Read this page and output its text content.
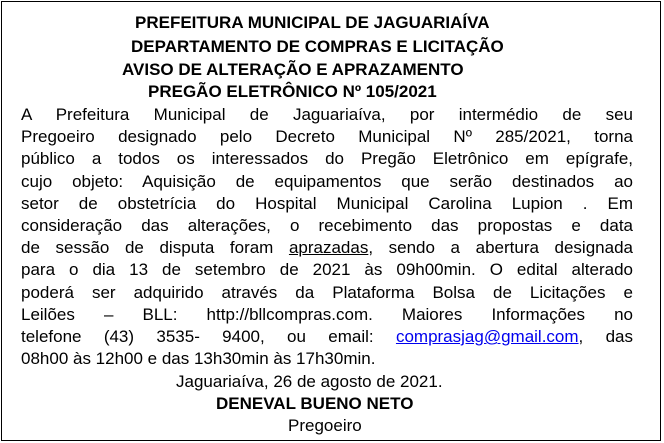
PREFEITURA MUNICIPAL DE JAGUARIAÍVA

DEPARTAMENTO DE COMPRAS E LICITAÇÃO

AVISO DE ALTERAÇÃO E APRAZAMENTO

PREGÃO ELETRÔNICO Nº 105/2021

A Prefeitura Municipal de Jaguariaíva, por intermédio de seu
Pregoeiro designado pelo Decreto Municipal Nº 285/2021, torna
público a todos os interessados do Pregão Eletrônico em epígrafe,
cujo objeto: Aquisição de equipamentos que serão destinados ao
setor de obstetrícia do Hospital Municipal Carolina Lupion . Em
consideração das alterações, o recebimento das propostas e data
de sessão de disputa foram aprazadas, sendo a abertura designada
para o dia 13 de setembro de 2021 às 09h00min. O edital alterado
poderá ser adquirido através da Plataforma Bolsa de Licitações e
Leilões – BLL: http://bllcompras.com. Maiores Informações no
telefone (43) 3535- 9400, ou email: comprasjag@gmail.com, das
08h00 às 12h00 e das 13h30min às 17h30min.

Jaguariaíva, 26 de agosto de 2021.

DENEVAL BUENO NETO

Pregoeiro
